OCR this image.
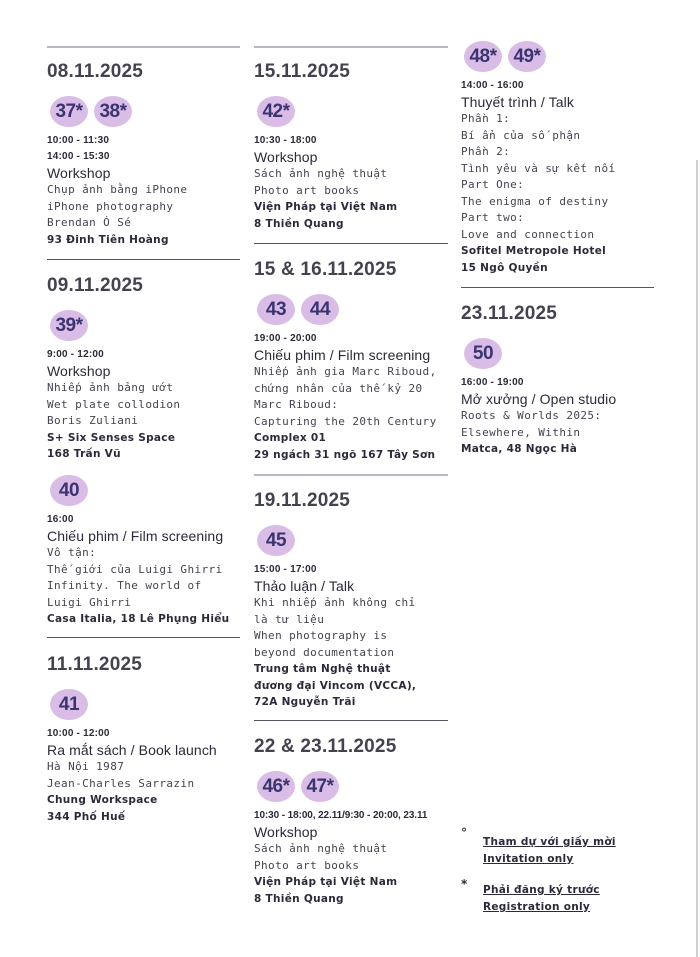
08.11.2025
37* 38*
10:00 - 11:30
14:00 - 15:30
Workshop
Chụp ảnh bằng iPhone
iPhone photography
Brendan Ó Sé
93 Đinh Tiên Hoàng
09.11.2025
39*
9:00 - 12:00
Workshop
Nhiếp ảnh bảng ướt
Wet plate collodion
Boris Zuliani
S+ Six Senses Space
168 Trấn Vũ
40
16:00
Chiếu phim / Film screening
Vô tận:
Thế giới của Luigi Ghirri
Infinity. The world of
Luigi Ghirri
Casa Italia, 18 Lê Phụng Hiểu
11.11.2025
41
10:00 - 12:00
Ra mắt sách / Book launch
Hà Nội 1987
Jean-Charles Sarrazin
Chung Workspace
344 Phố Huế
15.11.2025
42*
10:30 - 18:00
Workshop
Sách ảnh nghệ thuật
Photo art books
Viện Pháp tại Việt Nam
8 Thiền Quang
15 & 16.11.2025
43	44
19:00 - 20:00
Chiếu phim / Film screening
Nhiếp ảnh gia Marc Riboud,
chứng nhân của thế kỷ 20
Marc Riboud:
Capturing the 20th Century
Complex 01
29 ngách 31 ngõ 167 Tây Sơn
19.11.2025
45
15:00 - 17:00
Thảo luận / Talk
Khi nhiếp ảnh không chỉ
là tư liệu
When photography is
beyond documentation
Trung tâm Nghệ thuật
đương đại Vincom (VCCA),
72A Nguyễn Trãi
22 & 23.11.2025
46* 47*
10:30 - 18:00, 22.11/9:30 - 20:00, 23.11
Workshop
Sách ảnh nghệ thuật
Photo art books
Viện Pháp tại Việt Nam
8 Thiền Quang
48* 49*
14:00 - 16:00
Thuyết trình / Talk
Phần 1:
Bí ẩn của số phận
Phần 2:
Tình yêu và sự kết nối
Part One:
The enigma of destiny
Part two:
Love and connection
Sofitel Metropole Hotel
15 Ngô Quyền
23.11.2025
50
16:00 - 19:00
Mở xưởng / Open studio
Roots & Worlds 2025:
Elsewhere, Within
Matca, 48 Ngọc Hà
°
Tham dự với giấy mời
Invitation only
*	Phải đăng ký trước
Registration only
